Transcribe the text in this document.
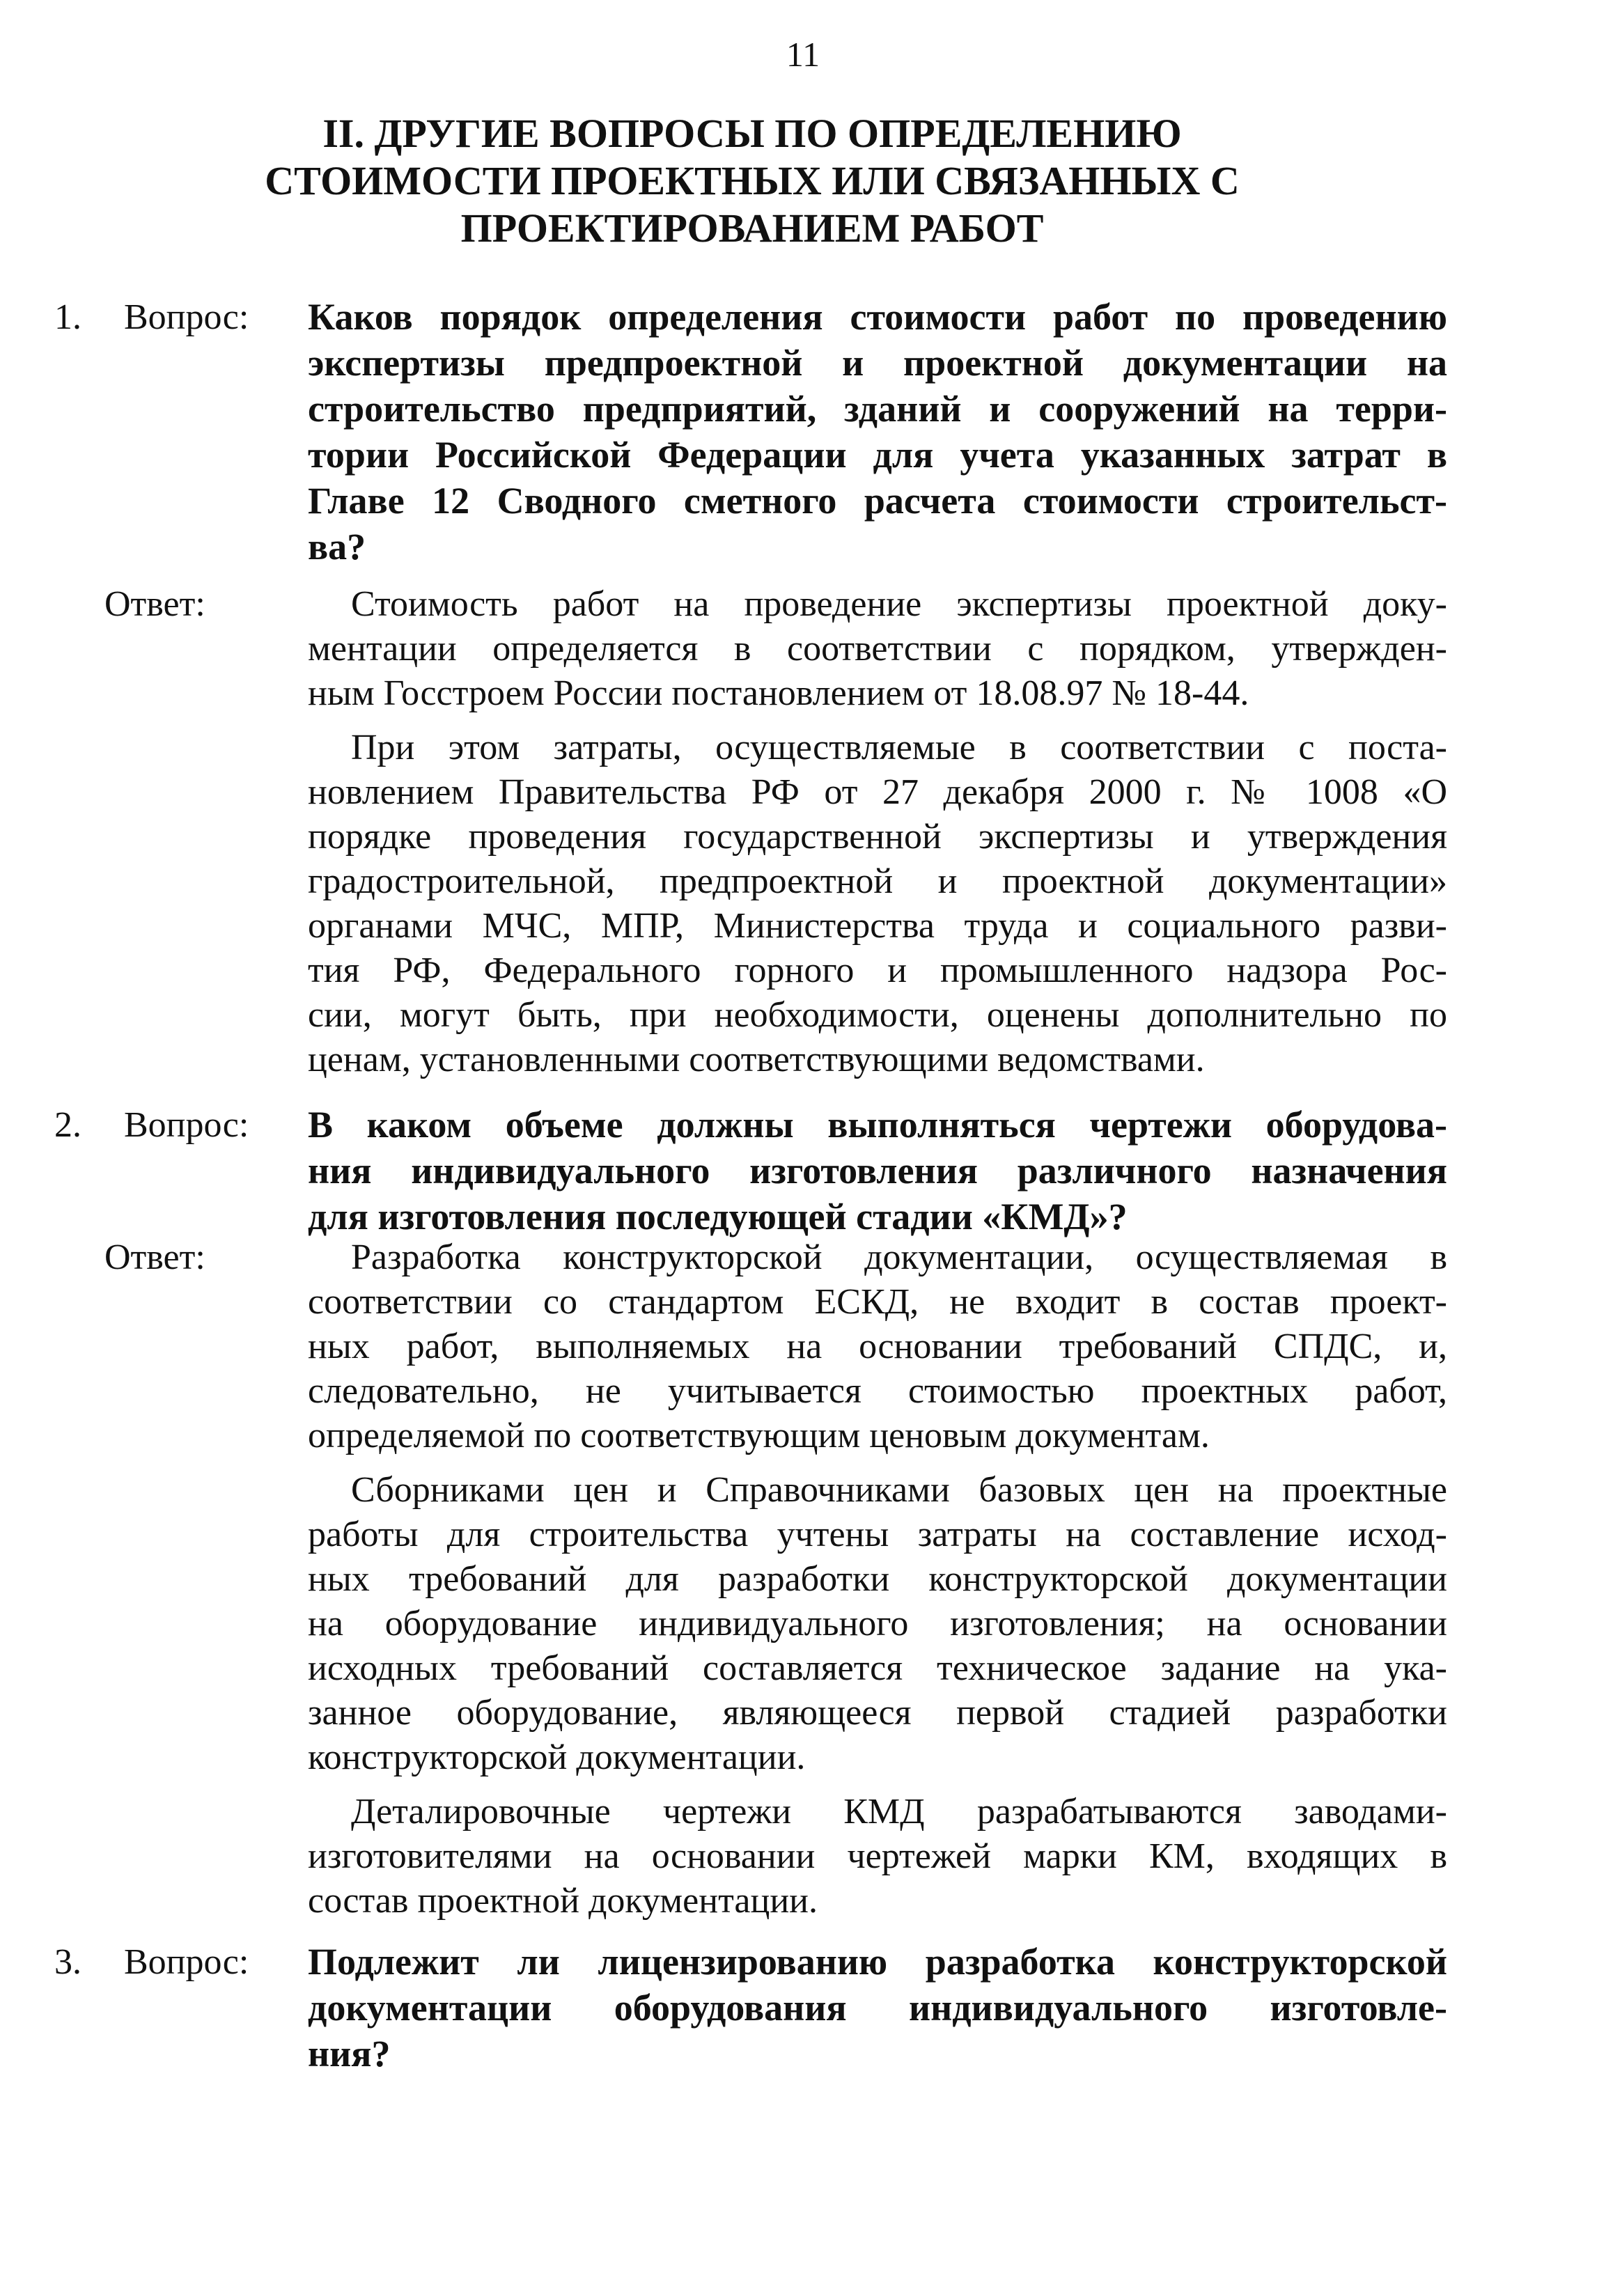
11
II. ДРУГИЕ ВОПРОСЫ ПО ОПРЕДЕЛЕНИЮ
СТОИМОСТИ ПРОЕКТНЫХ ИЛИ СВЯЗАННЫХ С
ПРОЕКТИРОВАНИЕМ РАБОТ
1. Вопрос: Каков порядок определения стоимости работ по проведению
экспертизы предпроектной и проектной документации на
строительство предприятий, зданий и сооружений на терри-
тории Российской Федерации для учета указанных затрат в
Главе 12 Сводного сметного расчета стоимости строительст-
ва?
Ответ:	Стоимость работ на проведение экспертизы проектной доку-
ментации определяется в соответствии с порядком, утвержден-
ным Госстроем России постановлением от 18.08.97 № 18-44.
При этом затраты, осуществляемые в соответствии с поста-
новлением Правительства РФ от 27 декабря 2000 г. № 1008 «О
порядке проведения государственной экспертизы и утверждения
градостроительной, предпроектной и проектной документации»
органами МЧС, МПР, Министерства труда и социального разви-
тия РФ, Федерального горного и промышленного надзора Рос-
сии, могут быть, при необходимости, оценены дополнительно по
ценам, установленными соответствующими ведомствами.
2. Вопрос: В каком объеме должны выполняться чертежи оборудова-
ния индивидуального изготовления различного назначения
для изготовления последующей стадии «КМД»?
Ответ:	Разработка конструкторской документации, осуществляемая в
соответствии со стандартом ЕСКД, не входит в состав проект-
ных работ, выполняемых на основании требований СПДС, и,
следовательно, не учитывается стоимостью проектных работ,
определяемой по соответствующим ценовым документам.
Сборниками цен и Справочниками базовых цен на проектные
работы для строительства учтены затраты на составление исход-
ных требований для разработки конструкторской документации
на оборудование индивидуального изготовления; на основании
исходных требований составляется техническое задание на ука-
занное оборудование, являющееся первой стадией разработки
конструкторской документации.
Деталировочные чертежи КМД разрабатываются заводами-
изготовителями на основании чертежей марки КМ, входящих в
состав проектной документации.
3. Вопрос: Подлежит ли лицензированию разработка конструкторской
документации оборудования индивидуального изготовле-
ния?
